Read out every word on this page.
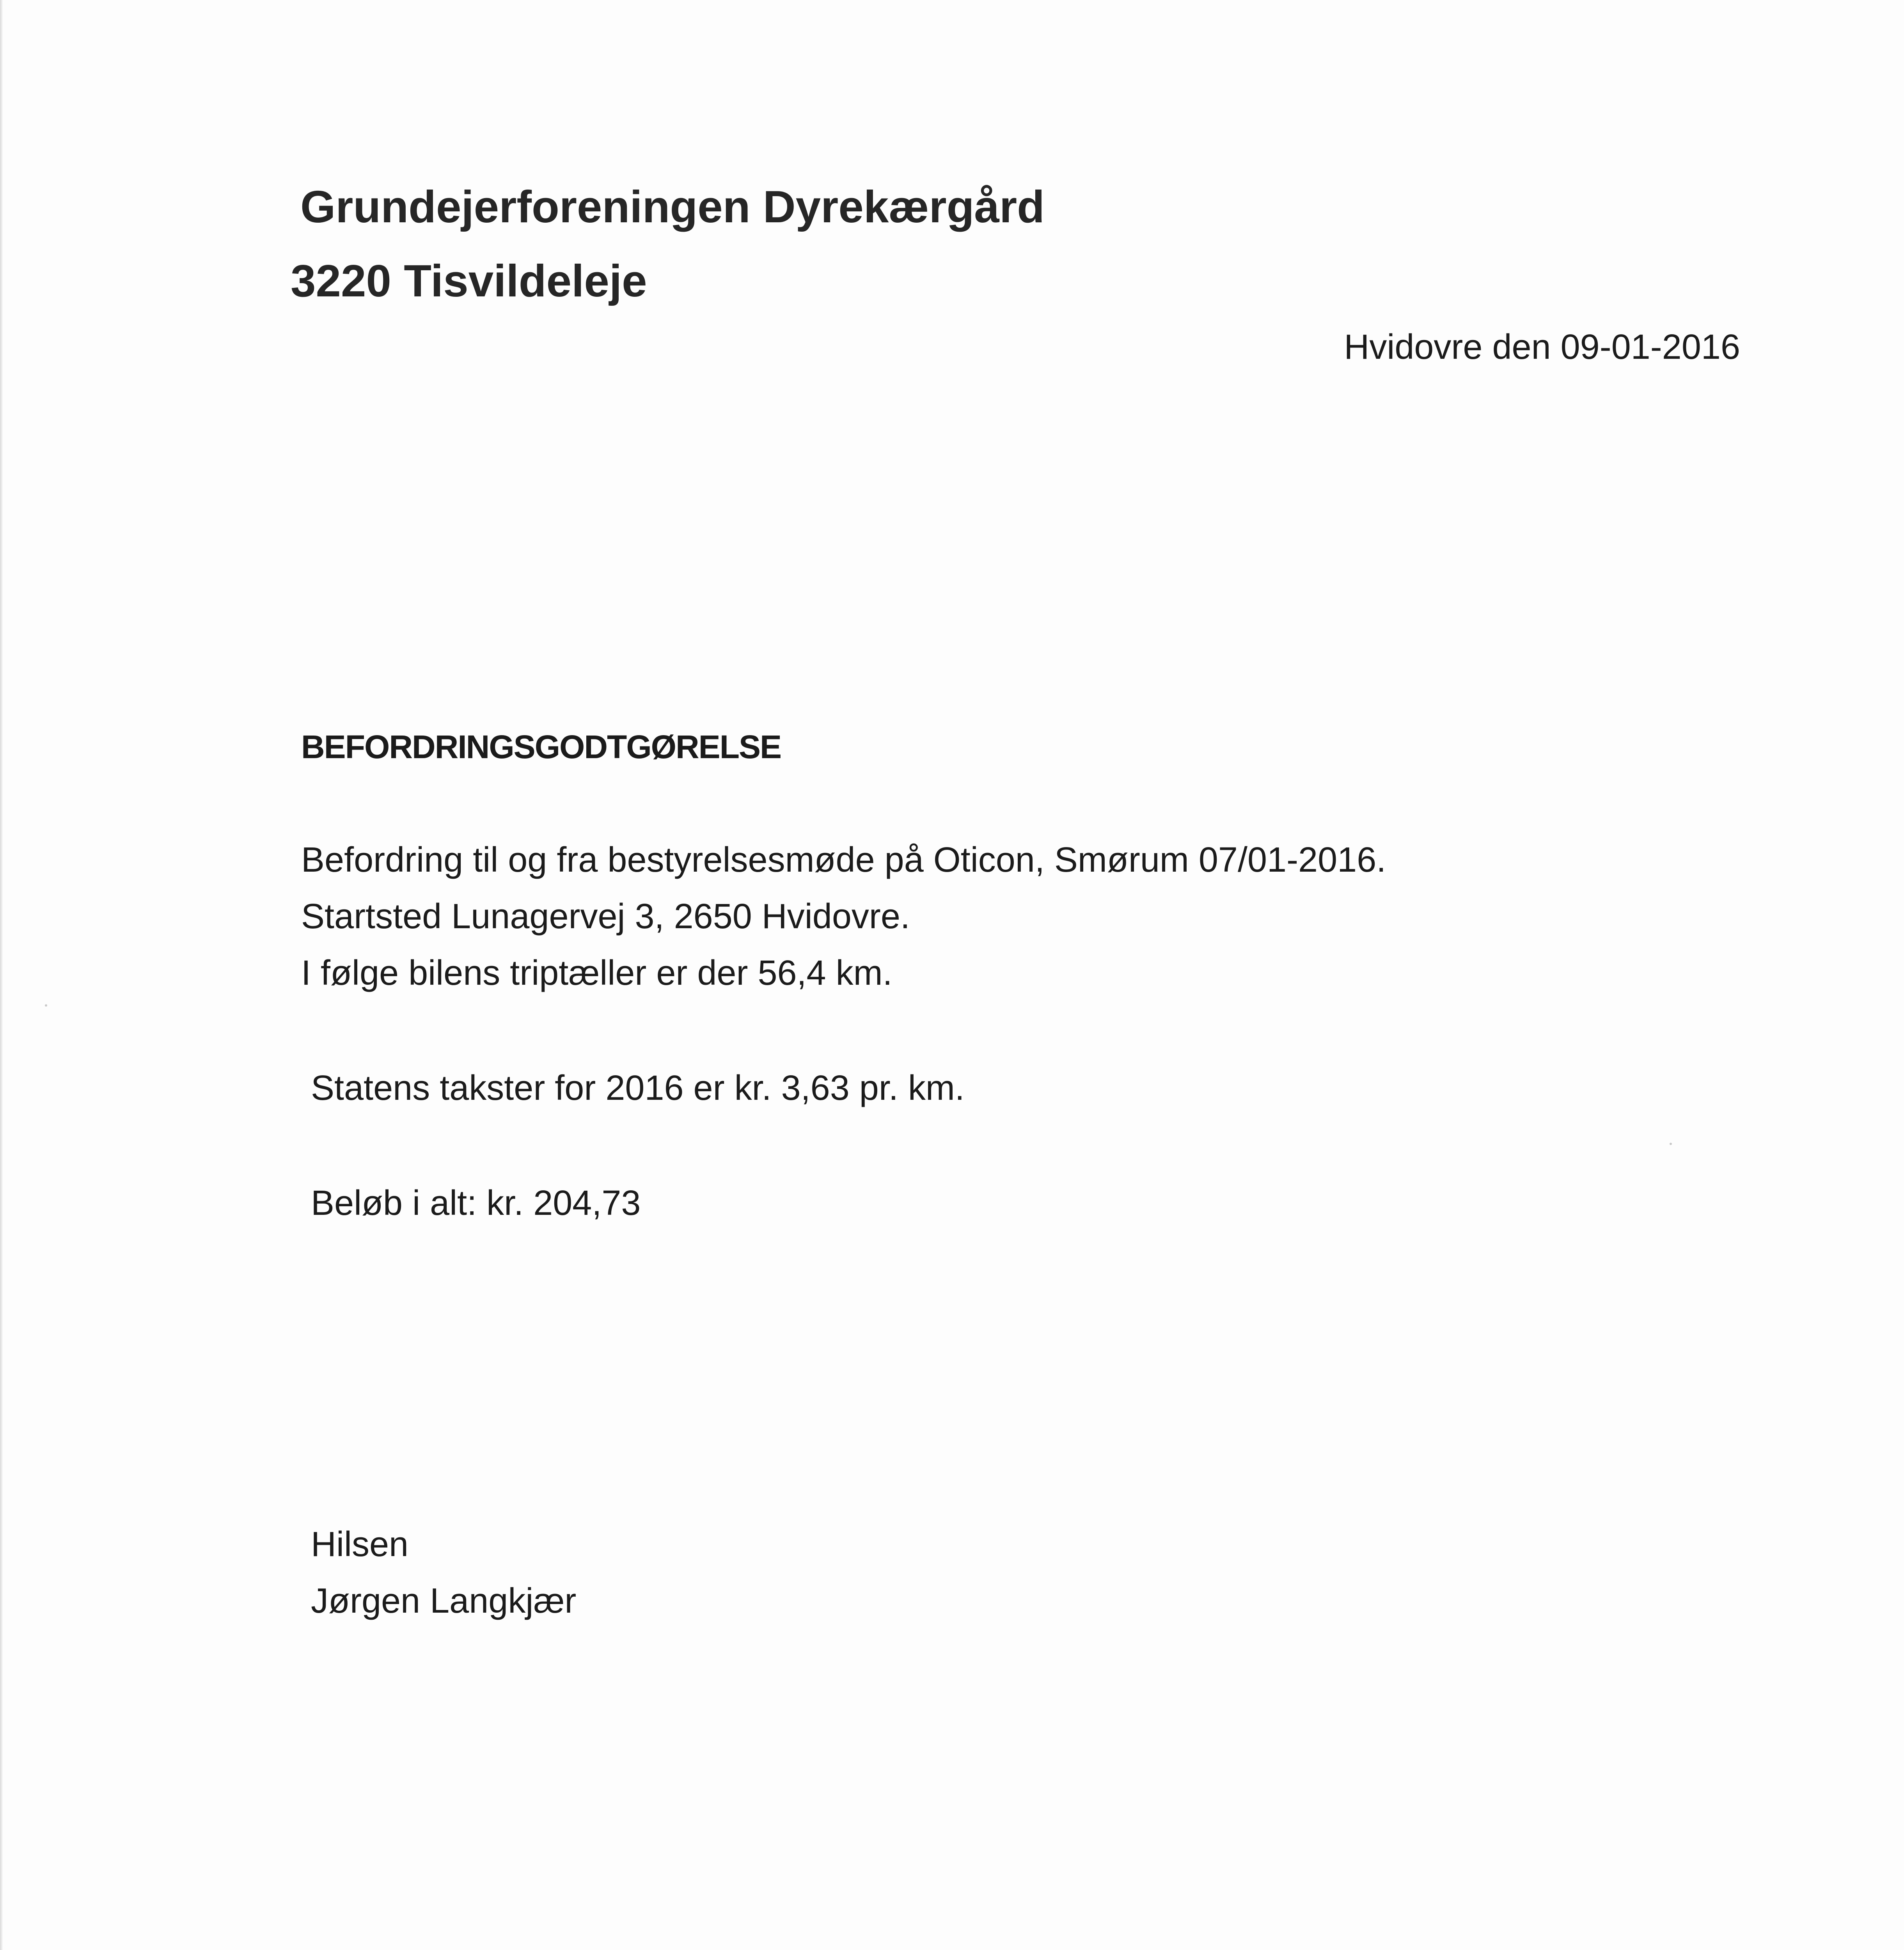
Grundejerforeningen Dyrekærgård
3220 Tisvildeleje
Hvidovre den 09-01-2016
BEFORDRINGSGODTGØRELSE
Befordring til og fra bestyrelsesmøde på Oticon, Smørum 07/01-2016.
Startsted Lunagervej 3, 2650 Hvidovre.
I følge bilens triptæller er der 56,4 km.
Statens takster for 2016 er kr. 3,63 pr. km.
Beløb i alt: kr. 204,73
Hilsen
Jørgen Langkjær
